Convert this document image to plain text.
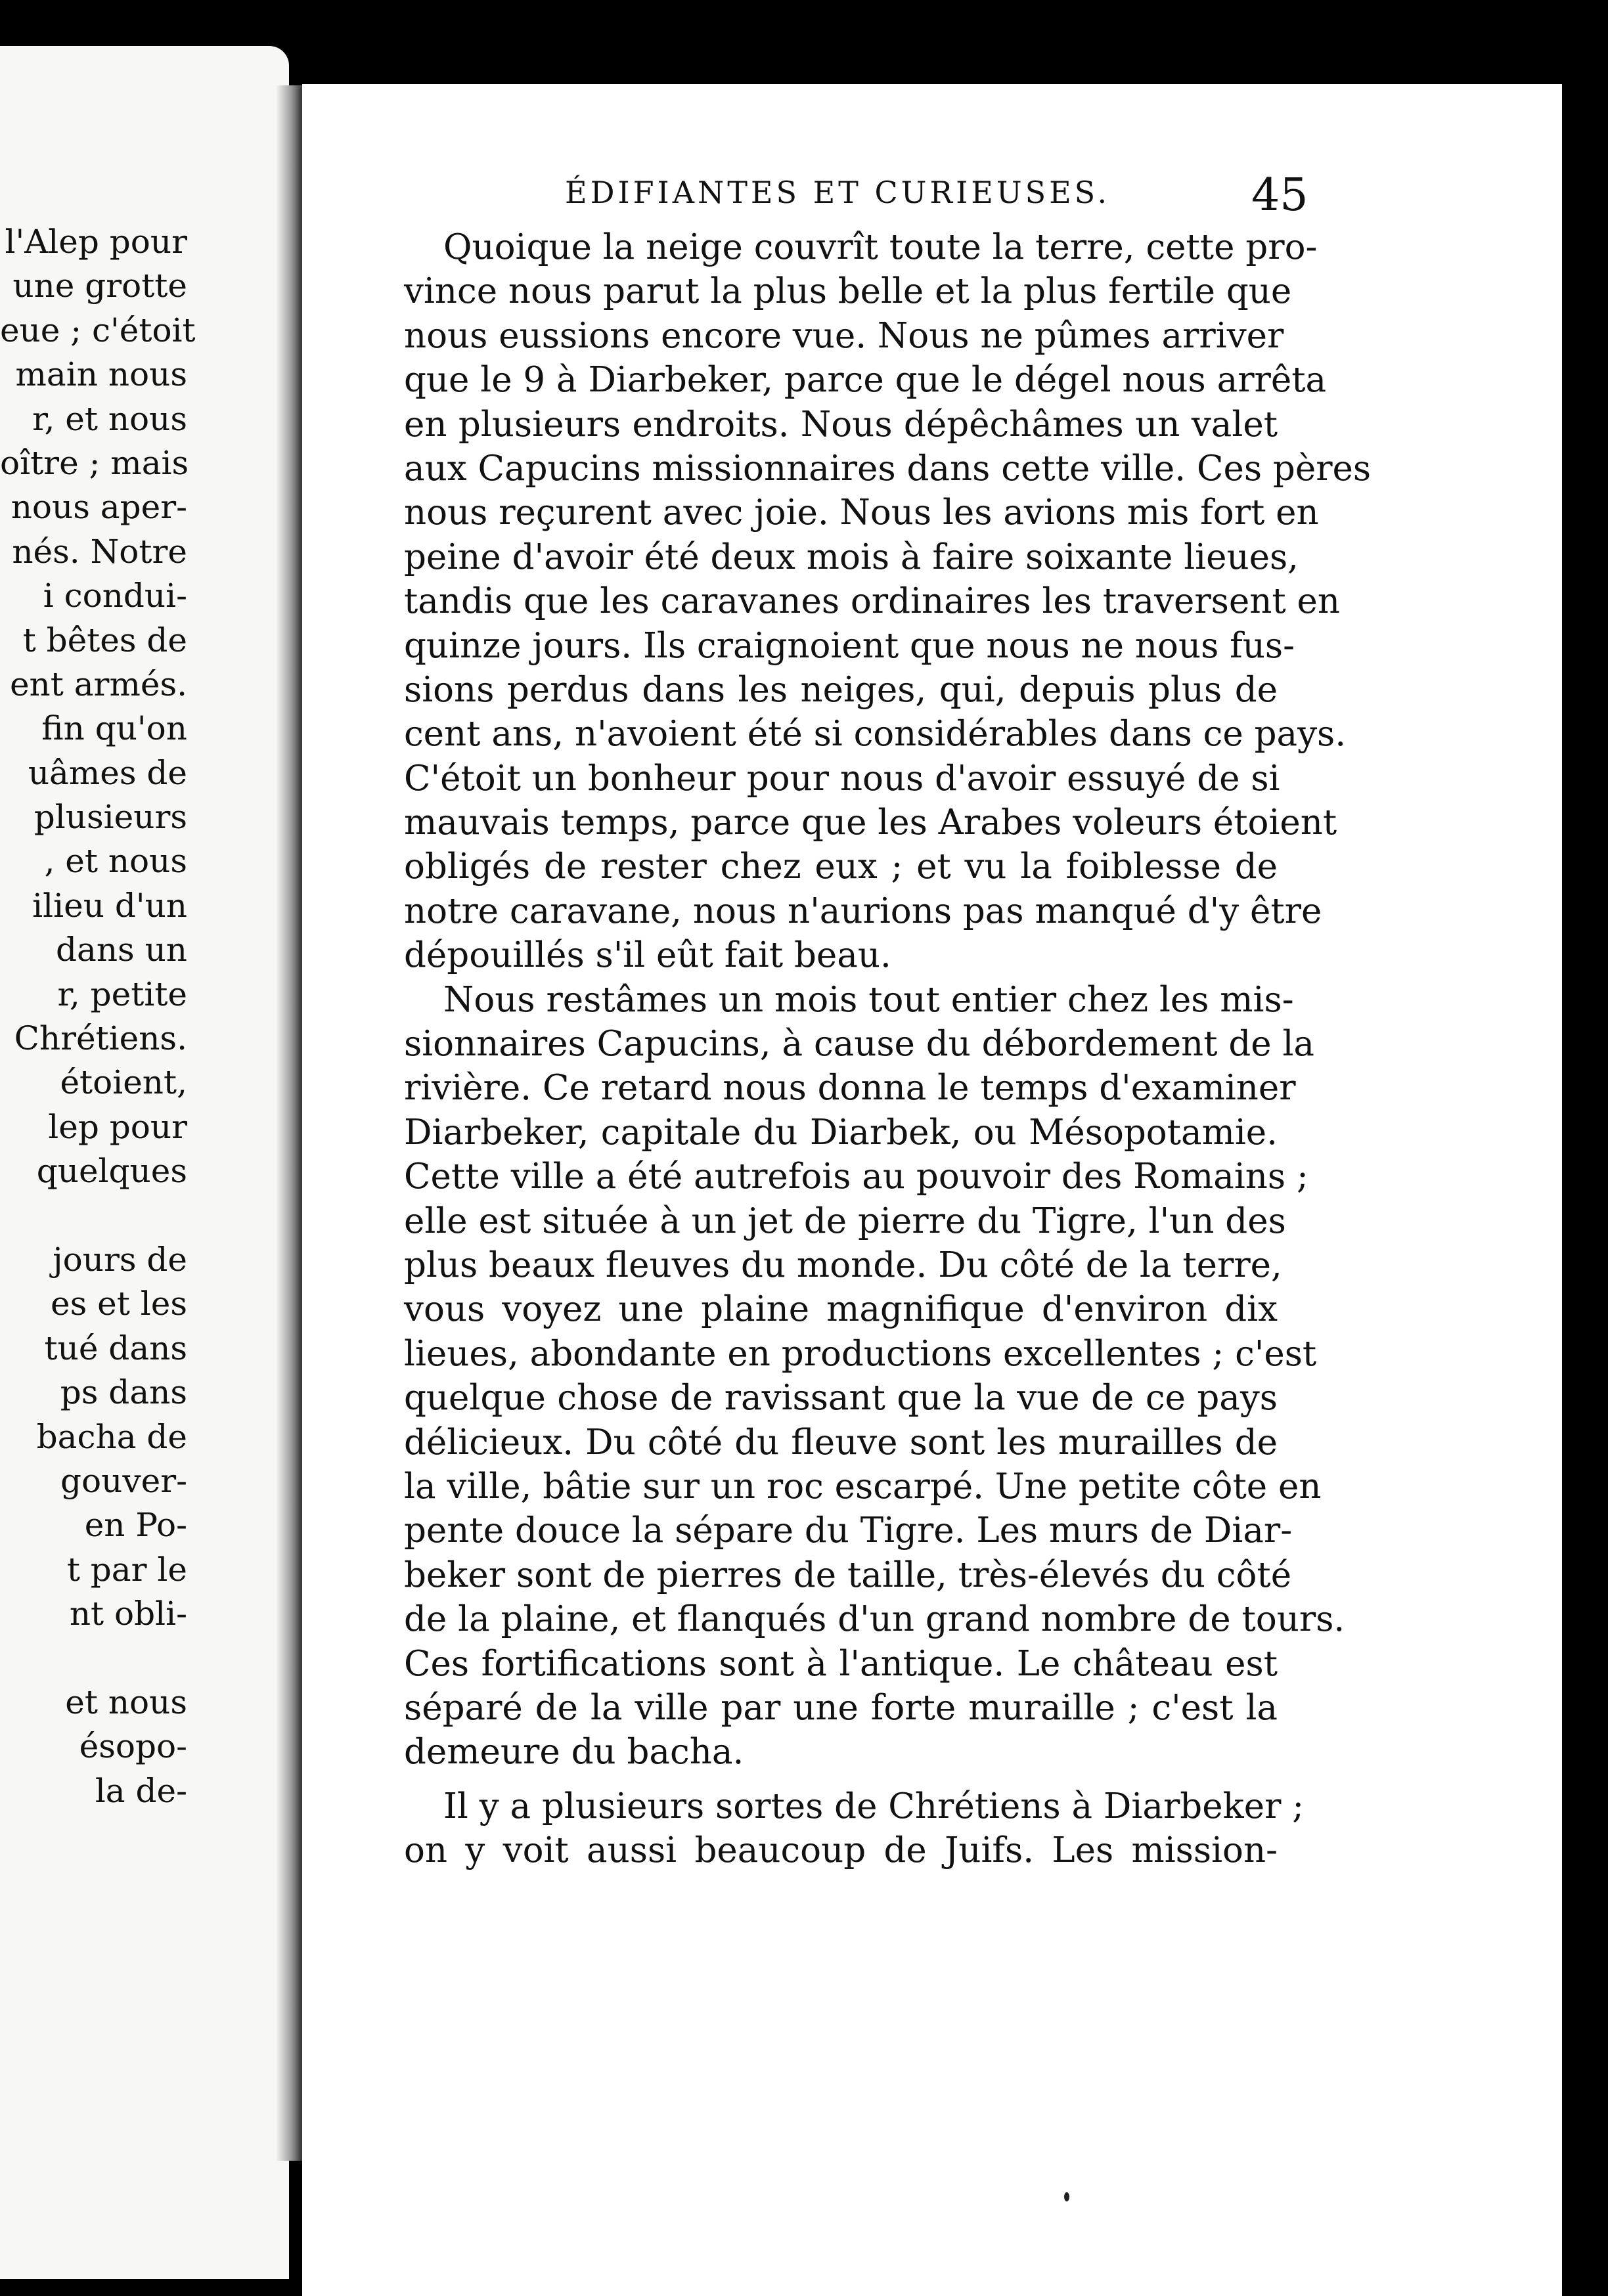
l'Alep pour
une grotte
eue ; c'étoit
main nous
r, et nous
oître ; mais
nous aper-
nés. Notre
i condui-
t bêtes de
ent armés.
fin qu'on
uâmes de
plusieurs
, et nous
ilieu d'un
dans un
r, petite
Chrétiens.
étoient,
lep pour
quelques
jours de
es et les
tué dans
ps dans
bacha de
gouver-
en Po-
t par le
nt obli-
et nous
ésopo-
la de-
ÉDIFIANTES ET CURIEUSES.	45
Quoique la neige couvrît toute la terre, cette pro-
vince nous parut la plus belle et la plus fertile que
nous eussions encore vue. Nous ne pûmes arriver
que le 9 à Diarbeker, parce que le dégel nous arrêta
en plusieurs endroits. Nous dépêchâmes un valet
aux Capucins missionnaires dans cette ville. Ces pères
nous reçurent avec joie. Nous les avions mis fort en
peine d'avoir été deux mois à faire soixante lieues,
tandis que les caravanes ordinaires les traversent en
quinze jours. Ils craignoient que nous ne nous fus-
sions perdus dans les neiges, qui, depuis plus de
cent ans, n'avoient été si considérables dans ce pays.
C'étoit un bonheur pour nous d'avoir essuyé de si
mauvais temps, parce que les Arabes voleurs étoient
obligés de rester chez eux ; et vu la foiblesse de
notre caravane, nous n'aurions pas manqué d'y être
dépouillés s'il eût fait beau.
Nous restâmes un mois tout entier chez les mis-
sionnaires Capucins, à cause du débordement de la
rivière. Ce retard nous donna le temps d'examiner
Diarbeker, capitale du Diarbek, ou Mésopotamie.
Cette ville a été autrefois au pouvoir des Romains ;
elle est située à un jet de pierre du Tigre, l'un des
plus beaux fleuves du monde. Du côté de la terre,
vous voyez une plaine magnifique d'environ dix
lieues, abondante en productions excellentes ; c'est
quelque chose de ravissant que la vue de ce pays
délicieux. Du côté du fleuve sont les murailles de
la ville, bâtie sur un roc escarpé. Une petite côte en
pente douce la sépare du Tigre. Les murs de Diar-
beker sont de pierres de taille, très-élevés du côté
de la plaine, et flanqués d'un grand nombre de tours.
Ces fortifications sont à l'antique. Le château est
séparé de la ville par une forte muraille ; c'est la
demeure du bacha.
Il y a plusieurs sortes de Chrétiens à Diarbeker ;
on y voit aussi beaucoup de Juifs. Les mission-
